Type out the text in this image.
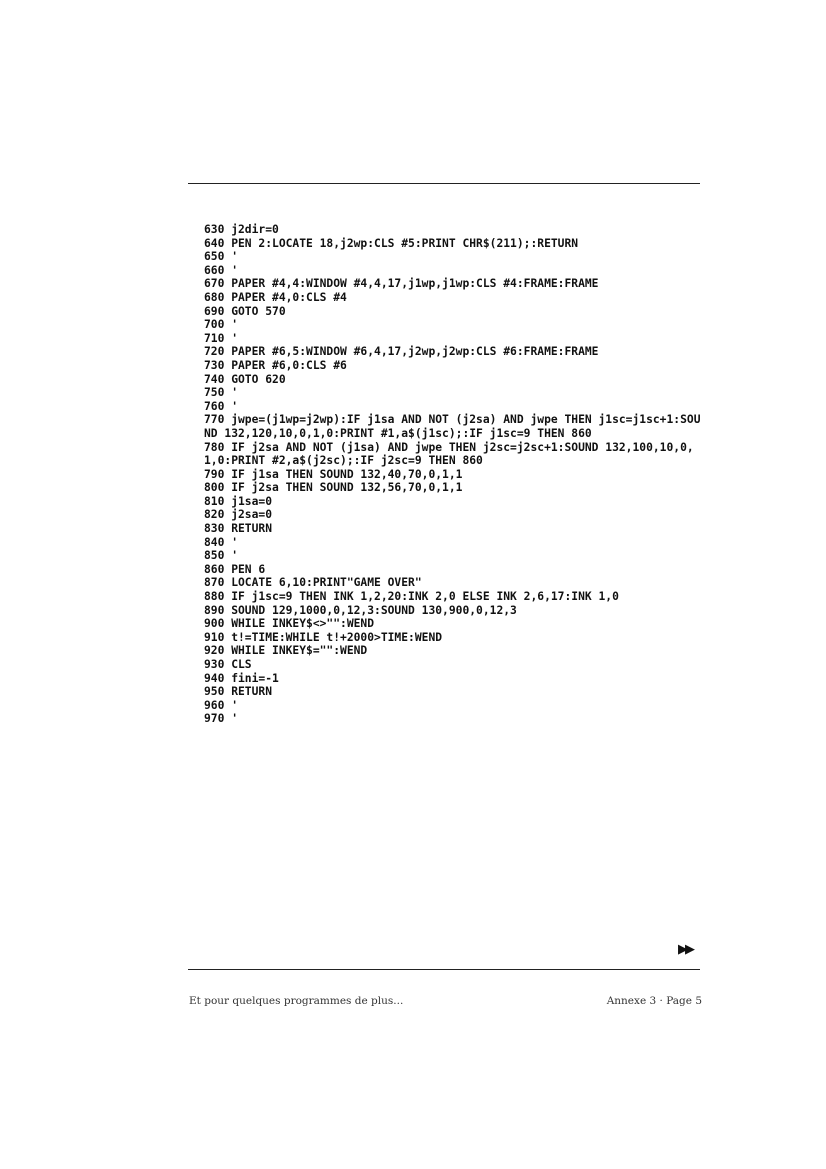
630 j2dir=0
640 PEN 2:LOCATE 18,j2wp:CLS #5:PRINT CHR$(211);:RETURN
650 '
660 '
670 PAPER #4,4:WINDOW #4,4,17,j1wp,j1wp:CLS #4:FRAME:FRAME
680 PAPER #4,0:CLS #4
690 GOTO 570
700 '
710 '
720 PAPER #6,5:WINDOW #6,4,17,j2wp,j2wp:CLS #6:FRAME:FRAME
730 PAPER #6,0:CLS #6
740 GOTO 620
750 '
760 '
770 jwpe=(j1wp=j2wp):IF j1sa AND NOT (j2sa) AND jwpe THEN j1sc=j1sc+1:SOUND 132,120,10,0,1,0:PRINT #1,a$(j1sc);:IF j1sc=9 THEN 860
780 IF j2sa AND NOT (j1sa) AND jwpe THEN j2sc=j2sc+1:SOUND 132,100,10,0,1,0:PRINT #2,a$(j2sc);:IF j2sc=9 THEN 860
790 IF j1sa THEN SOUND 132,40,70,0,1,1
800 IF j2sa THEN SOUND 132,56,70,0,1,1
810 j1sa=0
820 j2sa=0
830 RETURN
840 '
850 '
860 PEN 6
870 LOCATE 6,10:PRINT"GAME OVER"
880 IF j1sc=9 THEN INK 1,2,20:INK 2,0 ELSE INK 2,6,17:INK 1,0
890 SOUND 129,1000,0,12,3:SOUND 130,900,0,12,3
900 WHILE INKEY$<>"":WEND
910 t!=TIME:WHILE t!+2000>TIME:WEND
920 WHILE INKEY$="":WEND
930 CLS
940 fini=-1
950 RETURN
960 '
970 '
▶▶
Et pour quelques programmes de plus...	Annexe 3 · Page 5
